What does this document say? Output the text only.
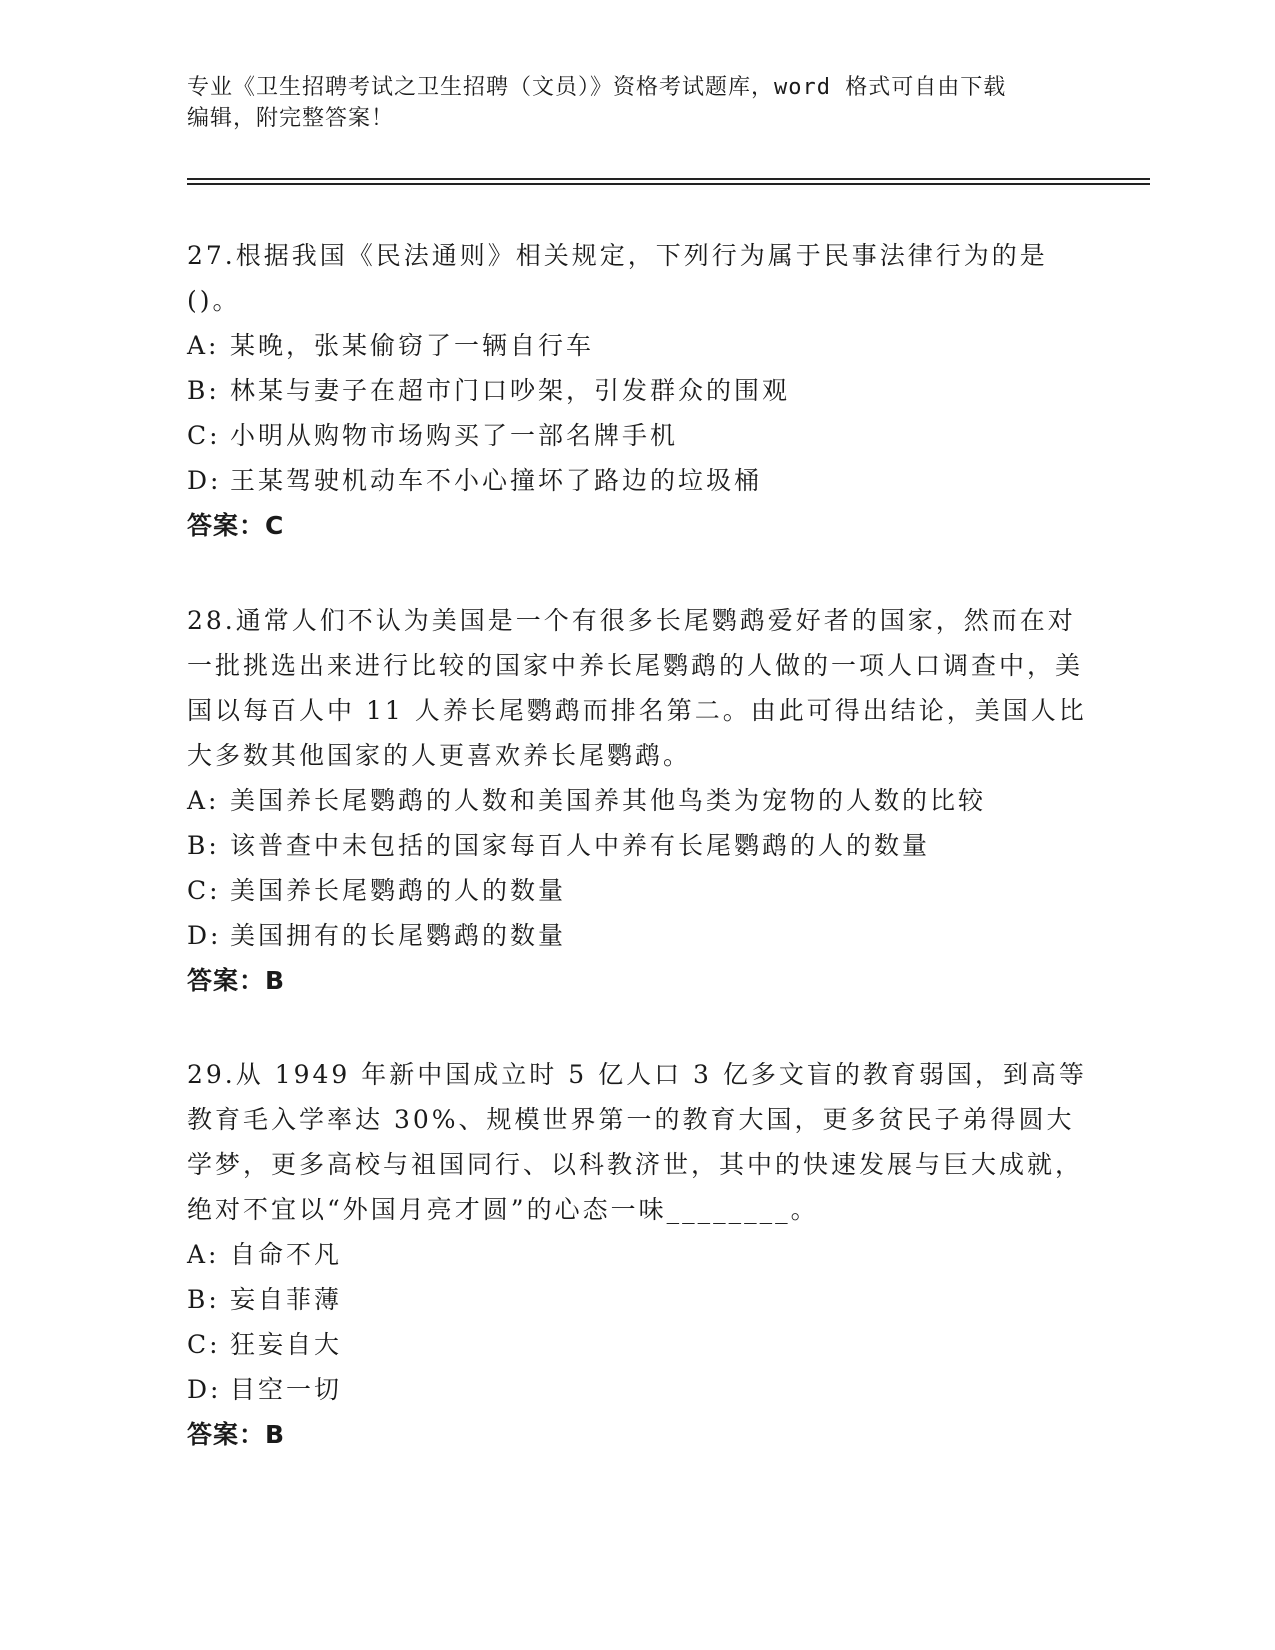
专业《卫生招聘考试之卫生招聘（文员）》资格考试题库，word 格式可自由下载
编辑，附完整答案！
27.根据我国《民法通则》相关规定，下列行为属于民事法律行为的是()。
A: 某晚，张某偷窃了一辆自行车
B: 林某与妻子在超市门口吵架，引发群众的围观
C: 小明从购物市场购买了一部名牌手机
D: 王某驾驶机动车不小心撞坏了路边的垃圾桶
答案：C
28.通常人们不认为美国是一个有很多长尾鹦鹉爱好者的国家，然而在对一批挑选出来进行比较的国家中养长尾鹦鹉的人做的一项人口调查中，美国以每百人中 11 人养长尾鹦鹉而排名第二。由此可得出结论，美国人比大多数其他国家的人更喜欢养长尾鹦鹉。
A: 美国养长尾鹦鹉的人数和美国养其他鸟类为宠物的人数的比较
B: 该普查中未包括的国家每百人中养有长尾鹦鹉的人的数量
C: 美国养长尾鹦鹉的人的数量
D: 美国拥有的长尾鹦鹉的数量
答案：B
29.从 1949 年新中国成立时 5 亿人口 3 亿多文盲的教育弱国，到高等教育毛入学率达 30%、规模世界第一的教育大国，更多贫民子弟得圆大学梦，更多高校与祖国同行、以科教济世，其中的快速发展与巨大成就，绝对不宜以“外国月亮才圆”的心态一味________。
A: 自命不凡
B: 妄自菲薄
C: 狂妄自大
D: 目空一切
答案：B
